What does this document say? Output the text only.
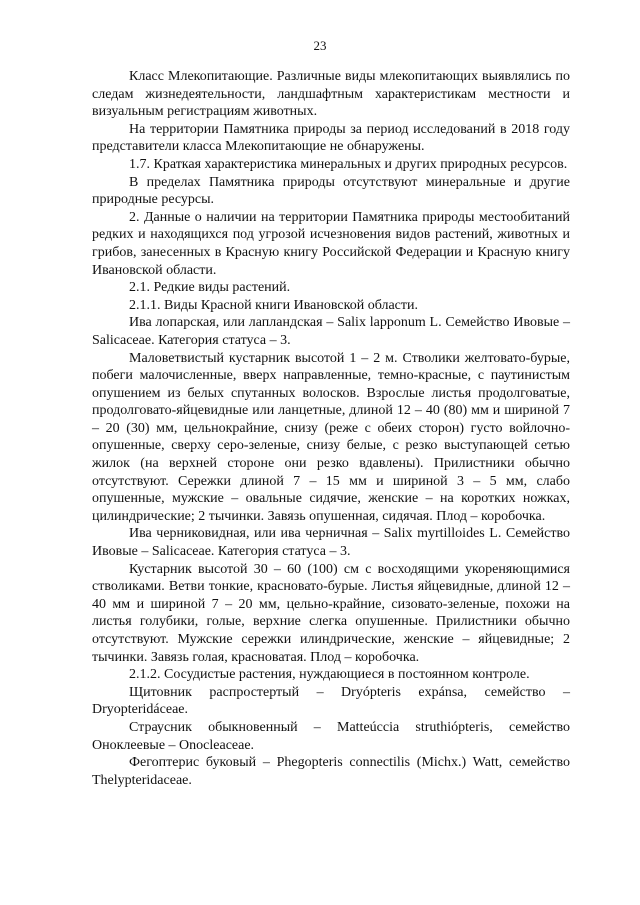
23

Класс Млекопитающие. Различные виды млекопитающих выявлялись по следам жизнедеятельности, ландшафтным характеристикам местности и визуальным регистрациям животных.

На территории Памятника природы за период исследований в 2018 году представители класса Млекопитающие не обнаружены.

1.7. Краткая характеристика минеральных и других природных ресурсов.

В пределах Памятника природы отсутствуют минеральные и другие природные ресурсы.

2. Данные о наличии на территории Памятника природы местообитаний редких и находящихся под угрозой исчезновения видов растений, животных и грибов, занесенных в Красную книгу Российской Федерации и Красную книгу Ивановской области.

2.1. Редкие виды растений.

2.1.1. Виды Красной книги Ивановской области.

Ива лопарская, или лапландская – Salix lapponum L. Семейство Ивовые – Salicaceae. Категория статуса – 3.

Маловетвистый кустарник высотой 1 – 2 м. Стволики желтовато-бурые, побеги малочисленные, вверх направленные, темно-красные, с паутинистым опушением из белых спутанных волосков. Взрослые листья продолговатые, продолговато-яйцевидные или ланцетные, длиной 12 – 40 (80) мм и шириной 7 – 20 (30) мм, цельнокрайние, снизу (реже с обеих сторон) густо войлочно-опушенные, сверху серо-зеленые, снизу белые, с резко выступающей сетью жилок (на верхней стороне они резко вдавлены). Прилистники обычно отсутствуют. Сережки длиной 7 – 15 мм и шириной 3 – 5 мм, слабо опушенные, мужские – овальные сидячие, женские – на коротких ножках, цилиндрические; 2 тычинки. Завязь опушенная, сидячая. Плод – коробочка.

Ива черниковидная, или ива черничная – Salix myrtilloides L. Семейство Ивовые – Salicaceae. Категория статуса – 3.

Кустарник высотой 30 – 60 (100) см с восходящими укореняющимися стволиками. Ветви тонкие, красновато-бурые. Листья яйцевидные, длиной 12 – 40 мм и шириной 7 – 20 мм, цельно-крайние, сизовато-зеленые, похожи на листья голубики, голые, верхние слегка опушенные. Прилистники обычно отсутствуют. Мужские сережки илиндрические, женские – яйцевидные; 2 тычинки. Завязь голая, красноватая. Плод – коробочка.

2.1.2. Сосудистые растения, нуждающиеся в постоянном контроле.

Щитовник распростертый – Dryópteris expánsa, семейство – Dryopteridáceae.

Страусник обыкновенный – Matteúccia struthiópteris, семейство Оноклеевые – Onocleaceae.

Фегоптерис буковый – Phegopteris connectilis (Michx.) Watt, семейство Thelypteridaceae.
